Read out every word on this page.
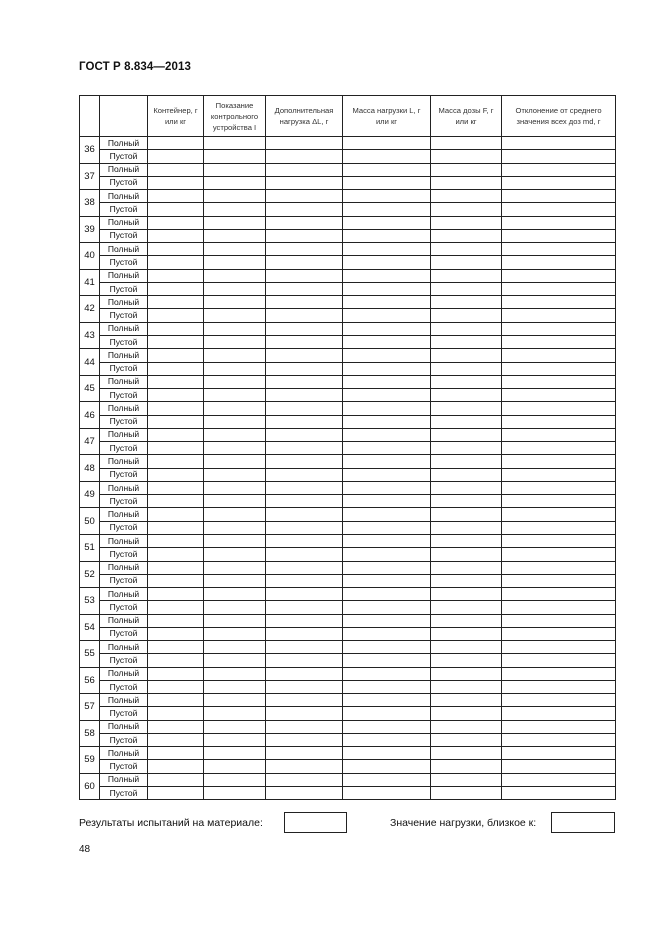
ГОСТ Р 8.834—2013
		Контейнер, г или кг	Показание контрольного устройства I	Дополнительная нагрузка ΔL, г	Масса нагрузки L, г или кг	Масса дозы F, г или кг	Отклонение от среднего значения всех доз md, г
36	Полный						
	Пустой						
37	Полный						
	Пустой						
38	Полный						
	Пустой						
39	Полный						
	Пустой						
40	Полный						
	Пустой						
41	Полный						
	Пустой						
42	Полный						
	Пустой						
43	Полный						
	Пустой						
44	Полный						
	Пустой						
45	Полный						
	Пустой						
46	Полный						
	Пустой						
47	Полный						
	Пустой						
48	Полный						
	Пустой						
49	Полный						
	Пустой						
50	Полный						
	Пустой						
51	Полный						
	Пустой						
52	Полный						
	Пустой						
53	Полный						
	Пустой						
54	Полный						
	Пустой						
55	Полный						
	Пустой						
56	Полный						
	Пустой						
57	Полный						
	Пустой						
58	Полный						
	Пустой						
59	Полный						
	Пустой						
60	Полный						
	Пустой						
Результаты испытаний на материале:	Значение нагрузки, близкое к:
48
